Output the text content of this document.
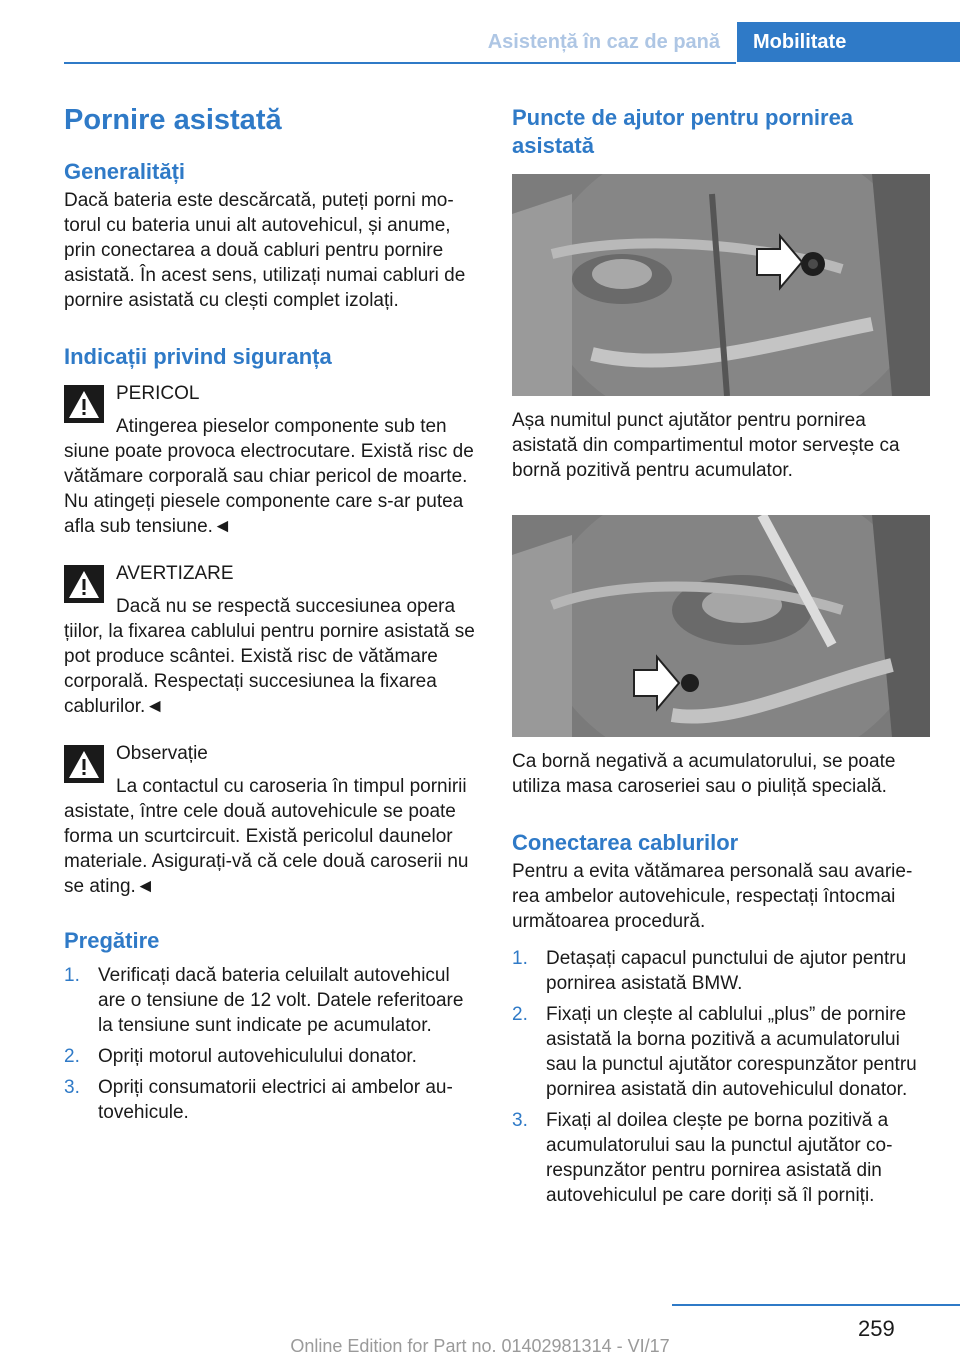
Asistență în caz de pană	Mobilitate
Pornire asistată
Generalități

Dacă bateria este descărcată, puteți porni motorul cu bateria unui alt autovehicul, și anume, prin conectarea a două cabluri pentru pornire asistată. În acest sens, utilizați numai cabluri de pornire asistată cu clești complet izolați.

Indicații privind siguranța
PERICOL
Atingerea pieselor componente sub ten
siune poate provoca electrocutare. Există risc de vătămare corporală sau chiar pericol de moarte. Nu atingeți piesele componente care s-ar putea afla sub tensiune.◄
AVERTIZARE
Dacă nu se respectă succesiunea opera
țiilor, la fixarea cablului pentru pornire asistată se pot produce scântei. Există risc de vătămare corporală. Respectați succesiunea la fixarea cablurilor.◄
Observație
La contactul cu caroseria în timpul pornirii
asistate, între cele două autovehicule se poate forma un scurtcircuit. Există pericolul daunelor materiale. Asigurați-vă că cele două caroserii nu se ating.◄
Pregătire
1. Verificați dacă bateria celuilalt autovehicul are o tensiune de 12 volt. Datele referitoare la tensiune sunt indicate pe acumulator.
2. Opriți motorul autovehiculului donator.
3. Opriți consumatorii electrici ai ambelor autovehicule.
Puncte de ajutor pentru pornirea asistată

Așa numitul punct ajutător pentru pornirea asistată din compartimentul motor servește ca bornă pozitivă pentru acumulator.

Ca bornă negativă a acumulatorului, se poate utiliza masa caroseriei sau o piuliță specială.

Conectarea cablurilor

Pentru a evita vătămarea personală sau avarierea ambelor autovehicule, respectați întocmai următoarea procedură.

1. Detașați capacul punctului de ajutor pentru pornirea asistată BMW.
2. Fixați un clește al cablului „plus” de pornire asistată la borna pozitivă a acumulatorului sau la punctul ajutător corespunzător pentru pornirea asistată din autovehiculul donator.
3. Fixați al doilea clește pe borna pozitivă a acumulatorului sau la punctul ajutător corespunzător pentru pornirea asistată din autovehiculul pe care doriți să îl porniți.
259
Online Edition for Part no. 01402981314 - VI/17
